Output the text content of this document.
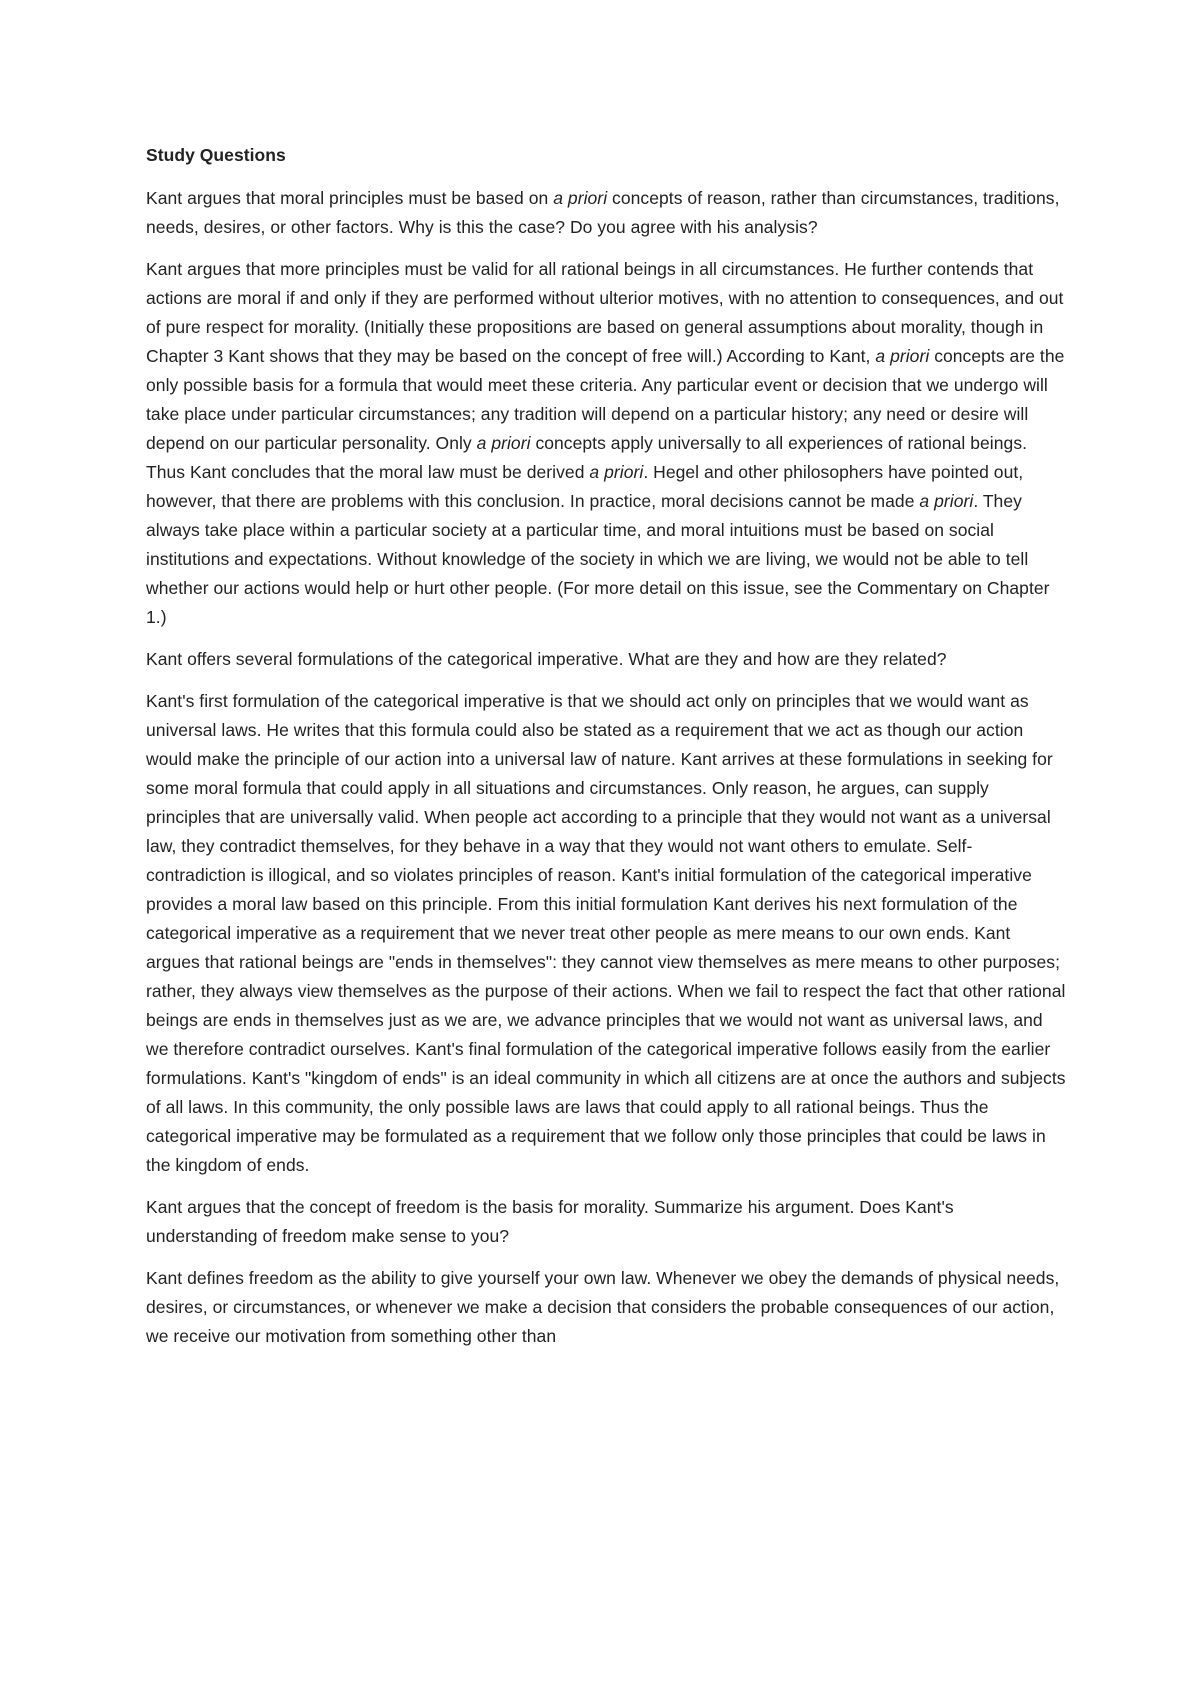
Study Questions

Kant argues that moral principles must be based on a priori concepts of reason, rather than circumstances, traditions, needs, desires, or other factors. Why is this the case? Do you agree with his analysis?

Kant argues that more principles must be valid for all rational beings in all circumstances. He further contends that actions are moral if and only if they are performed without ulterior motives, with no attention to consequences, and out of pure respect for morality. (Initially these propositions are based on general assumptions about morality, though in Chapter 3 Kant shows that they may be based on the concept of free will.) According to Kant, a priori concepts are the only possible basis for a formula that would meet these criteria. Any particular event or decision that we undergo will take place under particular circumstances; any tradition will depend on a particular history; any need or desire will depend on our particular personality. Only a priori concepts apply universally to all experiences of rational beings. Thus Kant concludes that the moral law must be derived a priori. Hegel and other philosophers have pointed out, however, that there are problems with this conclusion. In practice, moral decisions cannot be made a priori. They always take place within a particular society at a particular time, and moral intuitions must be based on social institutions and expectations. Without knowledge of the society in which we are living, we would not be able to tell whether our actions would help or hurt other people. (For more detail on this issue, see the Commentary on Chapter 1.)

Kant offers several formulations of the categorical imperative. What are they and how are they related?

Kant's first formulation of the categorical imperative is that we should act only on principles that we would want as universal laws. He writes that this formula could also be stated as a requirement that we act as though our action would make the principle of our action into a universal law of nature. Kant arrives at these formulations in seeking for some moral formula that could apply in all situations and circumstances. Only reason, he argues, can supply principles that are universally valid. When people act according to a principle that they would not want as a universal law, they contradict themselves, for they behave in a way that they would not want others to emulate. Self- contradiction is illogical, and so violates principles of reason. Kant's initial formulation of the categorical imperative provides a moral law based on this principle. From this initial formulation Kant derives his next formulation of the categorical imperative as a requirement that we never treat other people as mere means to our own ends. Kant argues that rational beings are "ends in themselves": they cannot view themselves as mere means to other purposes; rather, they always view themselves as the purpose of their actions. When we fail to respect the fact that other rational beings are ends in themselves just as we are, we advance principles that we would not want as universal laws, and we therefore contradict ourselves. Kant's final formulation of the categorical imperative follows easily from the earlier formulations. Kant's "kingdom of ends" is an ideal community in which all citizens are at once the authors and subjects of all laws. In this community, the only possible laws are laws that could apply to all rational beings. Thus the categorical imperative may be formulated as a requirement that we follow only those principles that could be laws in the kingdom of ends.

Kant argues that the concept of freedom is the basis for morality. Summarize his argument. Does Kant's understanding of freedom make sense to you?

Kant defines freedom as the ability to give yourself your own law. Whenever we obey the demands of physical needs, desires, or circumstances, or whenever we make a decision that considers the probable consequences of our action, we receive our motivation from something other than
